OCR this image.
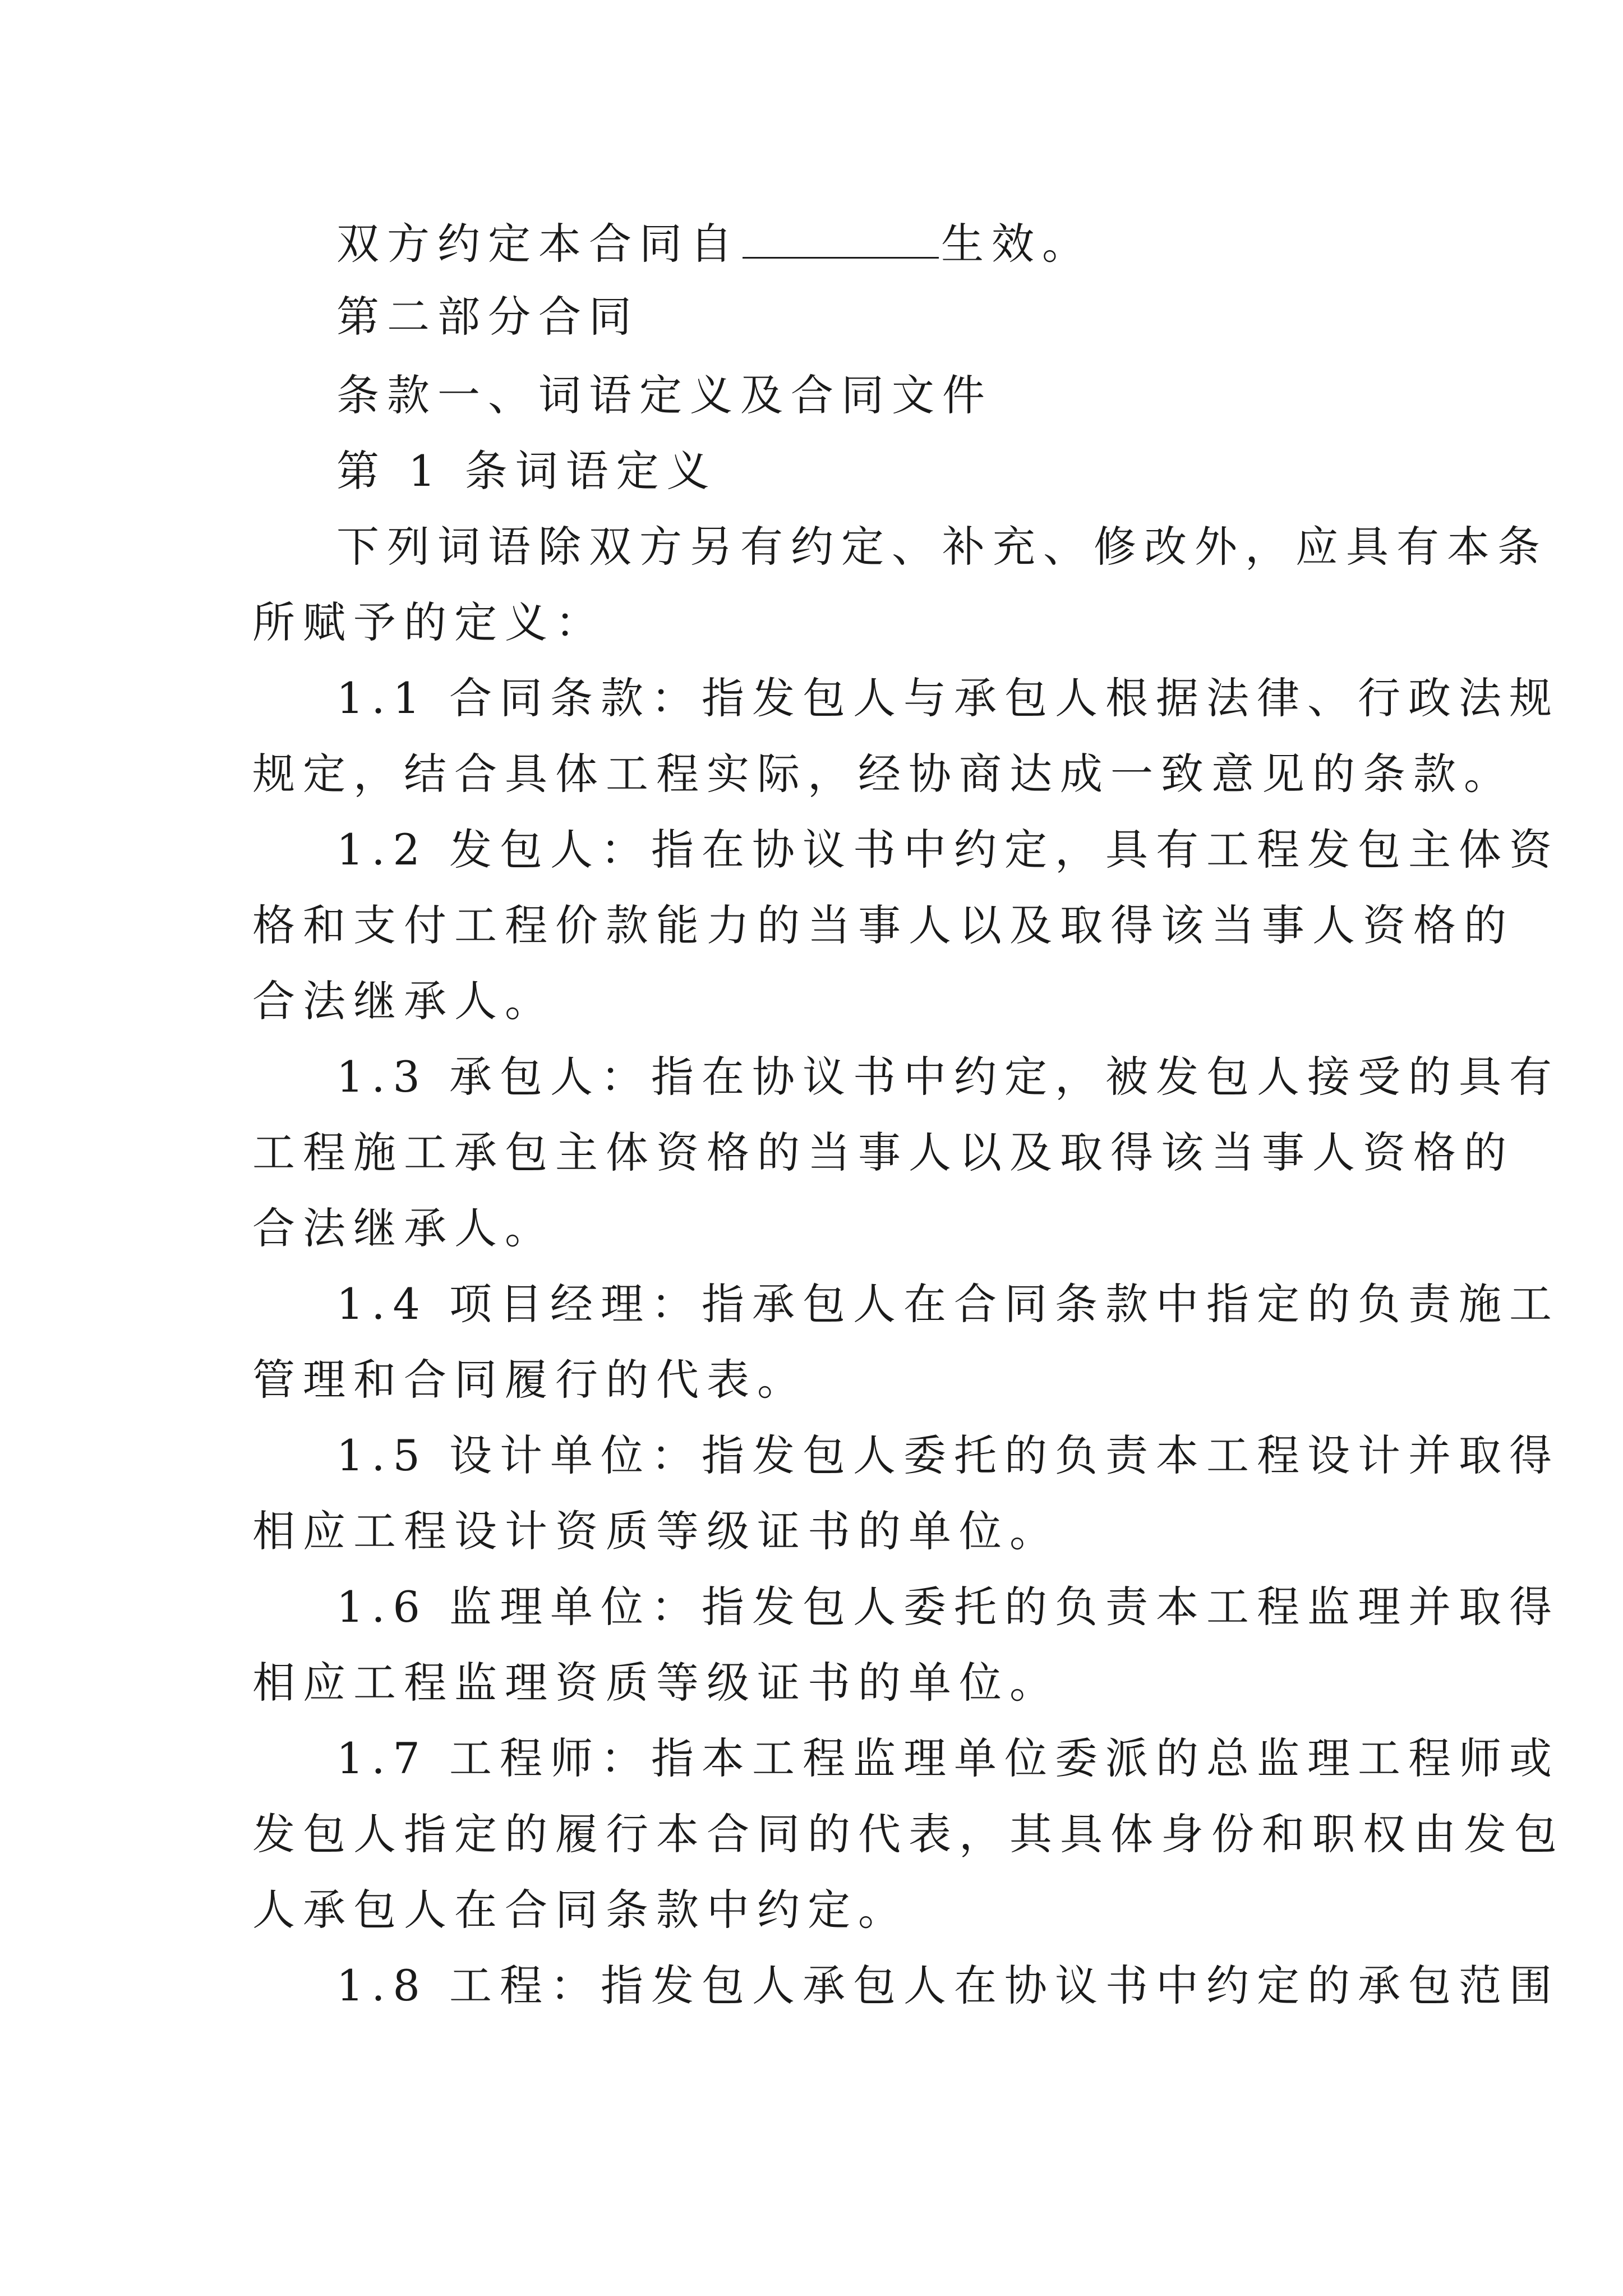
双方约定本合同自	生效。
第二部分合同
条款一、词语定义及合同文件
第 1 条词语定义
下列词语除双方另有约定、补充、修改外，应具有本条
所赋予的定义：
1.1 合同条款：指发包人与承包人根据法律、行政法规
规定，结合具体工程实际，经协商达成一致意见的条款。
1.2 发包人：指在协议书中约定，具有工程发包主体资
格和支付工程价款能力的当事人以及取得该当事人资格的
合法继承人。
1.3 承包人：指在协议书中约定，被发包人接受的具有
工程施工承包主体资格的当事人以及取得该当事人资格的
合法继承人。
1.4 项目经理：指承包人在合同条款中指定的负责施工
管理和合同履行的代表。
1.5 设计单位：指发包人委托的负责本工程设计并取得
相应工程设计资质等级证书的单位。
1.6 监理单位：指发包人委托的负责本工程监理并取得
相应工程监理资质等级证书的单位。
1.7 工程师：指本工程监理单位委派的总监理工程师或
发包人指定的履行本合同的代表，其具体身份和职权由发包
人承包人在合同条款中约定。
1.8 工程：指发包人承包人在协议书中约定的承包范围
